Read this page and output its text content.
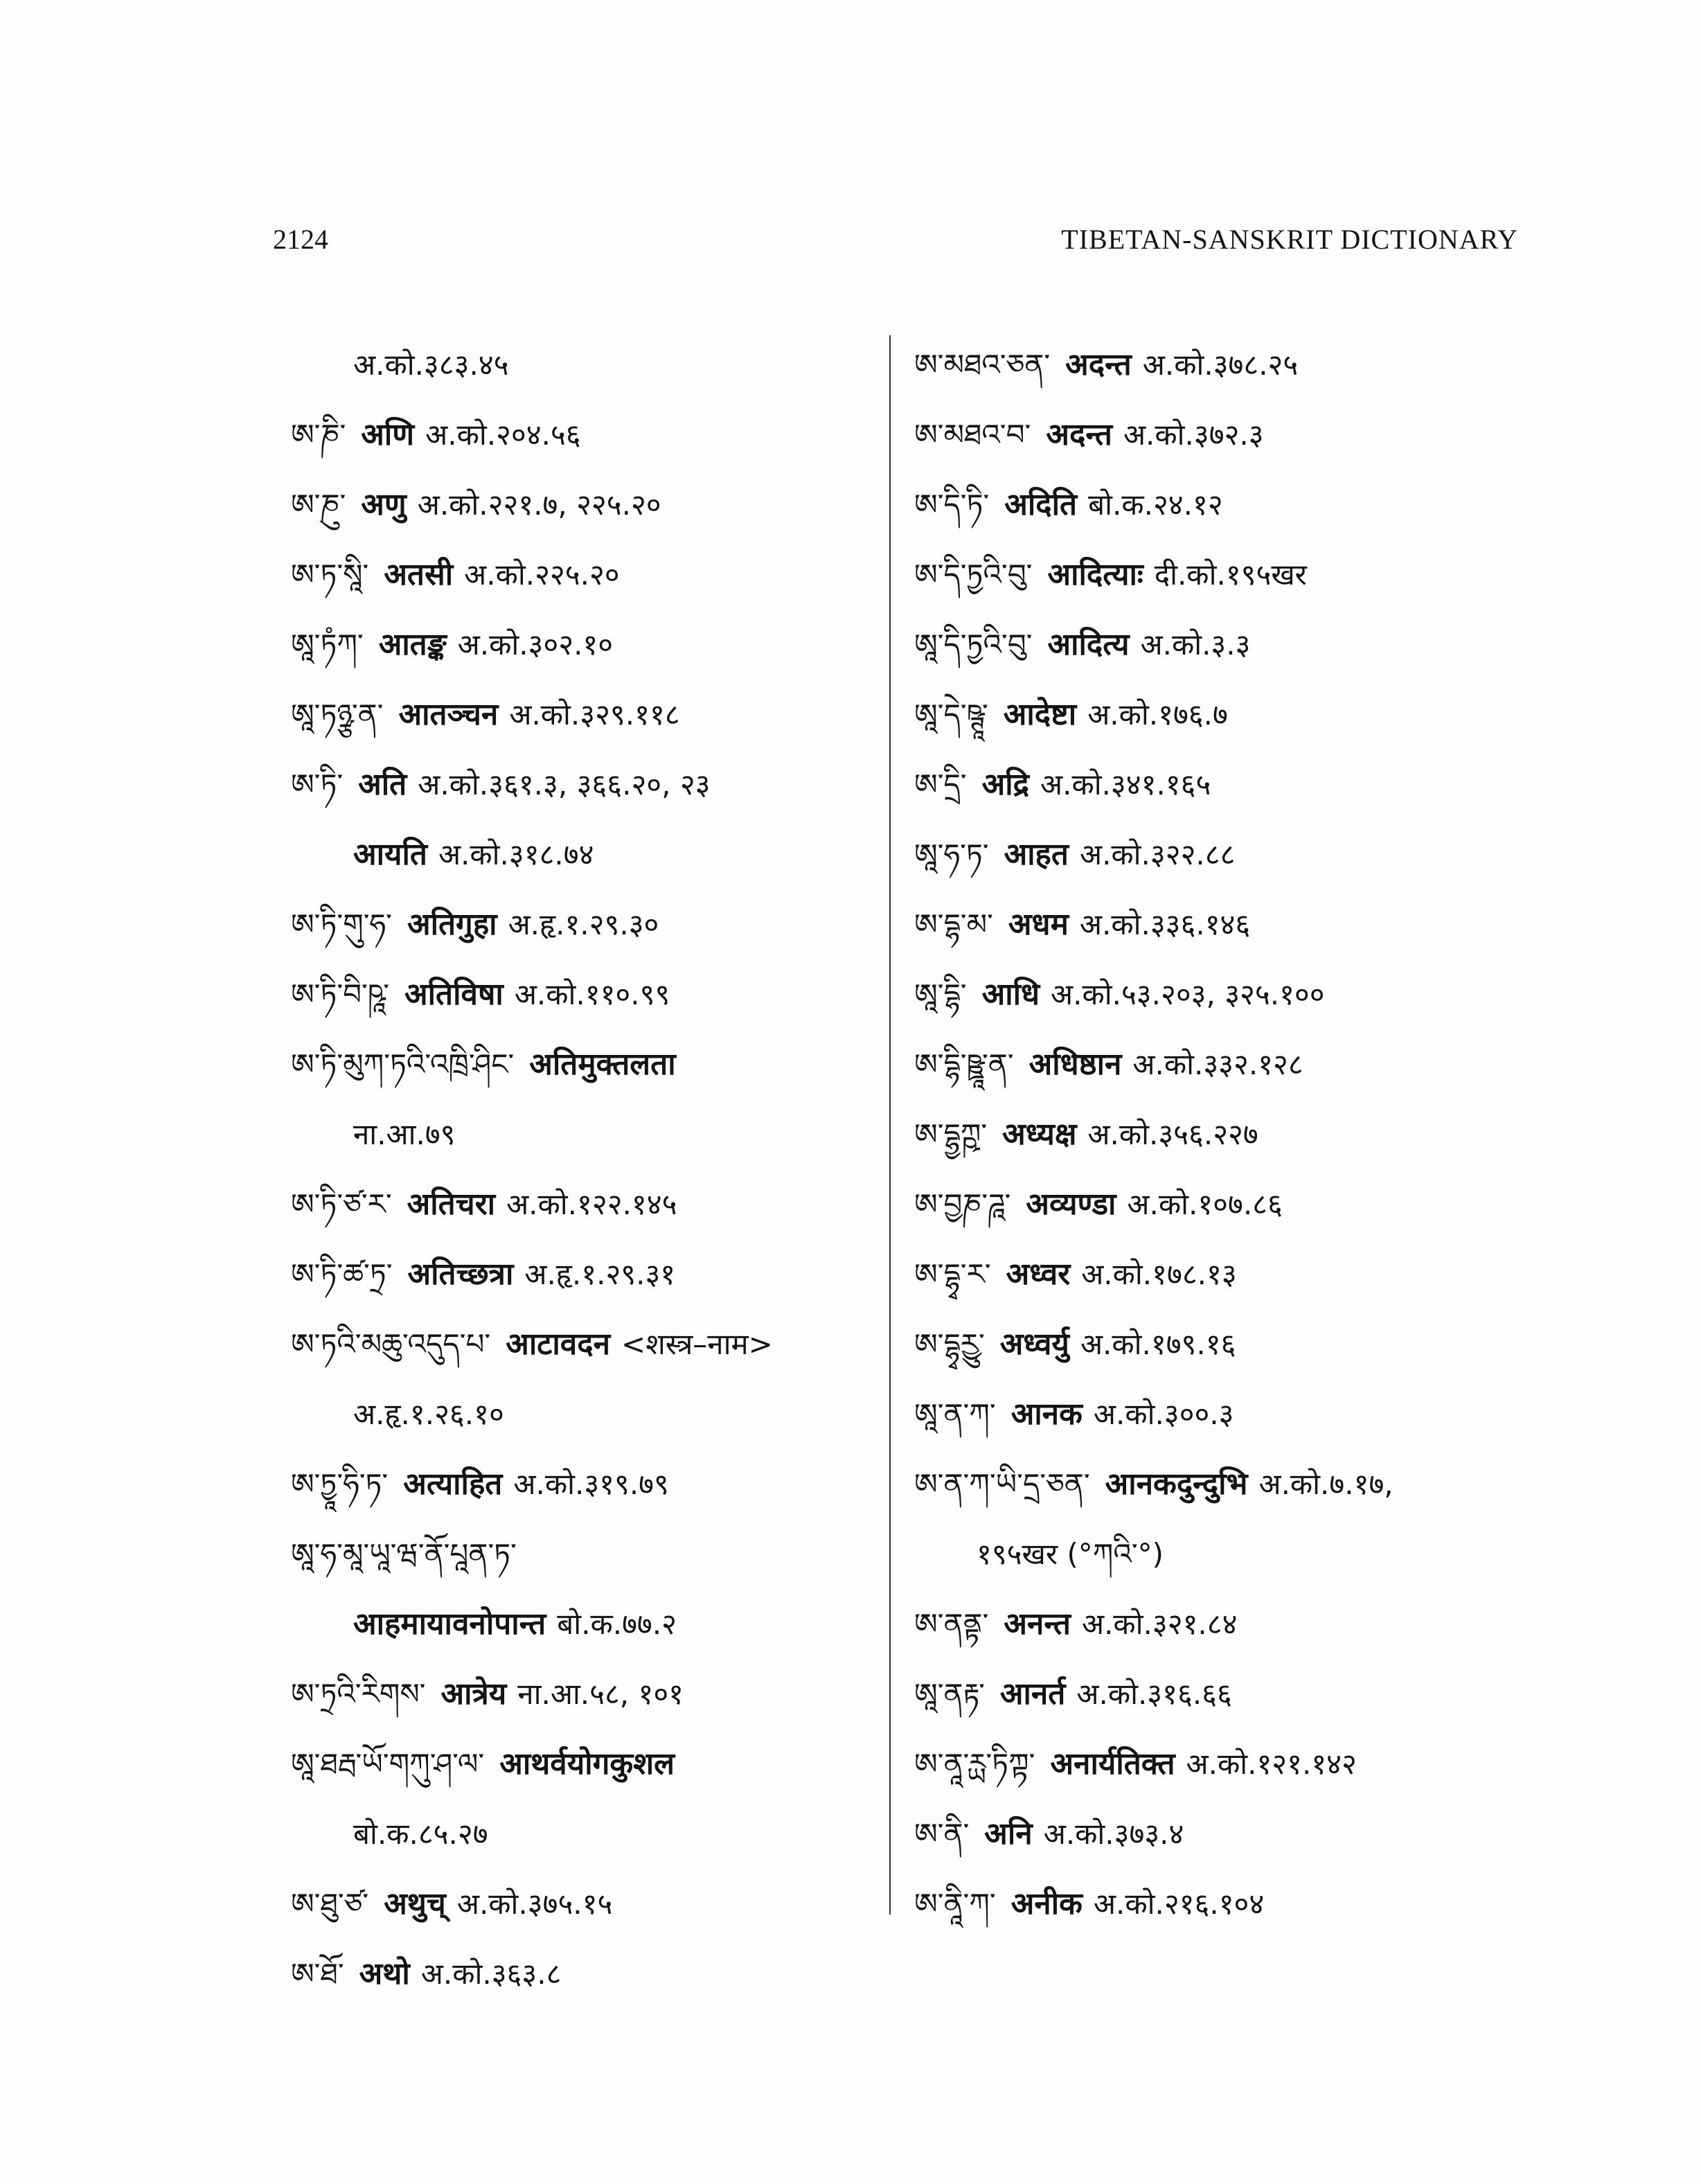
2124	TIBETAN-SANSKRIT DICTIONARY
अ.को.३८३.४५
ཨ་ཎི་ अणि अ.को.२०४.५६
ཨ་ཎུ་ अणु अ.को.२२१.७, २२५.२०
ཨ་ཏ་སཱི་ अतसी अ.को.२२५.२०
ཨཱ་ཏཾཀ་ आतङ्क अ.को.३०२.१०
ཨཱ་ཏཉྩ་ན་ आतञ्चन अ.को.३२९.११८
ཨ་ཏི་ अति अ.को.३६१.३, ३६६.२०, २३
आयति अ.को.३१८.७४
ཨ་ཏི་གུ་ཧ་ अतिगुहा अ.हृ.१.२९.३०
ཨ་ཏི་བི་ཥཱ་ अतिविषा अ.को.११०.९९
ཨ་ཏི་མུཀ་ཏའི་འཁྲི་ཤིང་ अतिमुक्तलता
ना.आ.७९
ཨ་ཏི་ཙ་ར་ अतिचरा अ.को.१२२.१४५
ཨ་ཏི་ཚ་ཏྲ་ अतिच्छत्रा अ.हृ.१.२९.३१
ཨ་ཏའི་མཆུ་འདུད་པ་ आटावदन <शस्त्र–नाम>
अ.हृ.१.२६.१०
ཨ་ཏྱཱ་ཧི་ཏ་ अत्याहित अ.को.३१९.७९
ཨཱ་ཧ་མཱ་ཡཱ་ཝ་ནོ་པཱན་ཏ་
आहमायावनोपान्त बो.क.७७.२
ཨ་ཏྲའི་རིགས་ आत्रेय ना.आ.५८, १०१
ཨཱ་ཐརྦ་ཡོ་གཀུ་ཤ་ལ་ आथर्वयोगकुशल
बो.क.८५.२७
ཨ་ཐུ་ཙ་ अथुच् अ.को.३७५.१५
ཨ་ཐོ་ अथो अ.को.३६३.८
ཨ་མཐའ་ཅན་ अदन्त अ.को.३७८.२५
ཨ་མཐའ་བ་ अदन्त अ.को.३७२.३
ཨ་དི་ཏི་ अदिति बो.क.२४.१२
ཨ་དི་ཏྱའི་བུ་ आदित्याः दी.को.१९५खर
ཨཱ་དི་ཏྱའི་བུ་ आदित्य अ.को.३.३
ཨཱ་དེ་ཥྚཱ་ आदेष्टा अ.को.१७६.७
ཨ་དྲི་ अद्रि अ.को.३४१.१६५
ཨཱ་ཧ་ཏ་ आहत अ.को.३२२.८८
ཨ་དྷ་མ་ अधम अ.को.३३६.१४६
ཨཱ་དྷི་ आधि अ.को.५३.२०३, ३२५.१००
ཨ་དྷི་ཥྛཱ་ན་ अधिष्ठान अ.को.३३२.१२८
ཨ་དྷྱཀྵ་ अध्यक्ष अ.को.३५६.२२७
ཨ་བྱཎ་ཌཱ་ अव्यण्डा अ.को.१०७.८६
ཨ་དྷྭ་ར་ अध्वर अ.को.१७८.१३
ཨ་དྷྭརྱུ་ अध्वर्यु अ.को.१७९.१६
ཨཱ་ན་ཀ་ आनक अ.को.३००.३
ཨ་ན་ཀ་ཡི་དྲ་ཅན་ आनकदुन्दुभि अ.को.७.१७,
१९५खर (°ཀའི་°)
ཨ་ནནྟ་ अनन्त अ.को.३२१.८४
ཨཱ་ནརྟ་ आनर्त अ.को.३१६.६६
ཨ་ནཱ་ཪྻ་ཏིཀྟ་ अनार्यतिक्त अ.को.१२१.१४२
ཨ་ནི་ अनि अ.को.३७३.४
ཨ་ནཱི་ཀ་ अनीक अ.को.२१६.१०४
